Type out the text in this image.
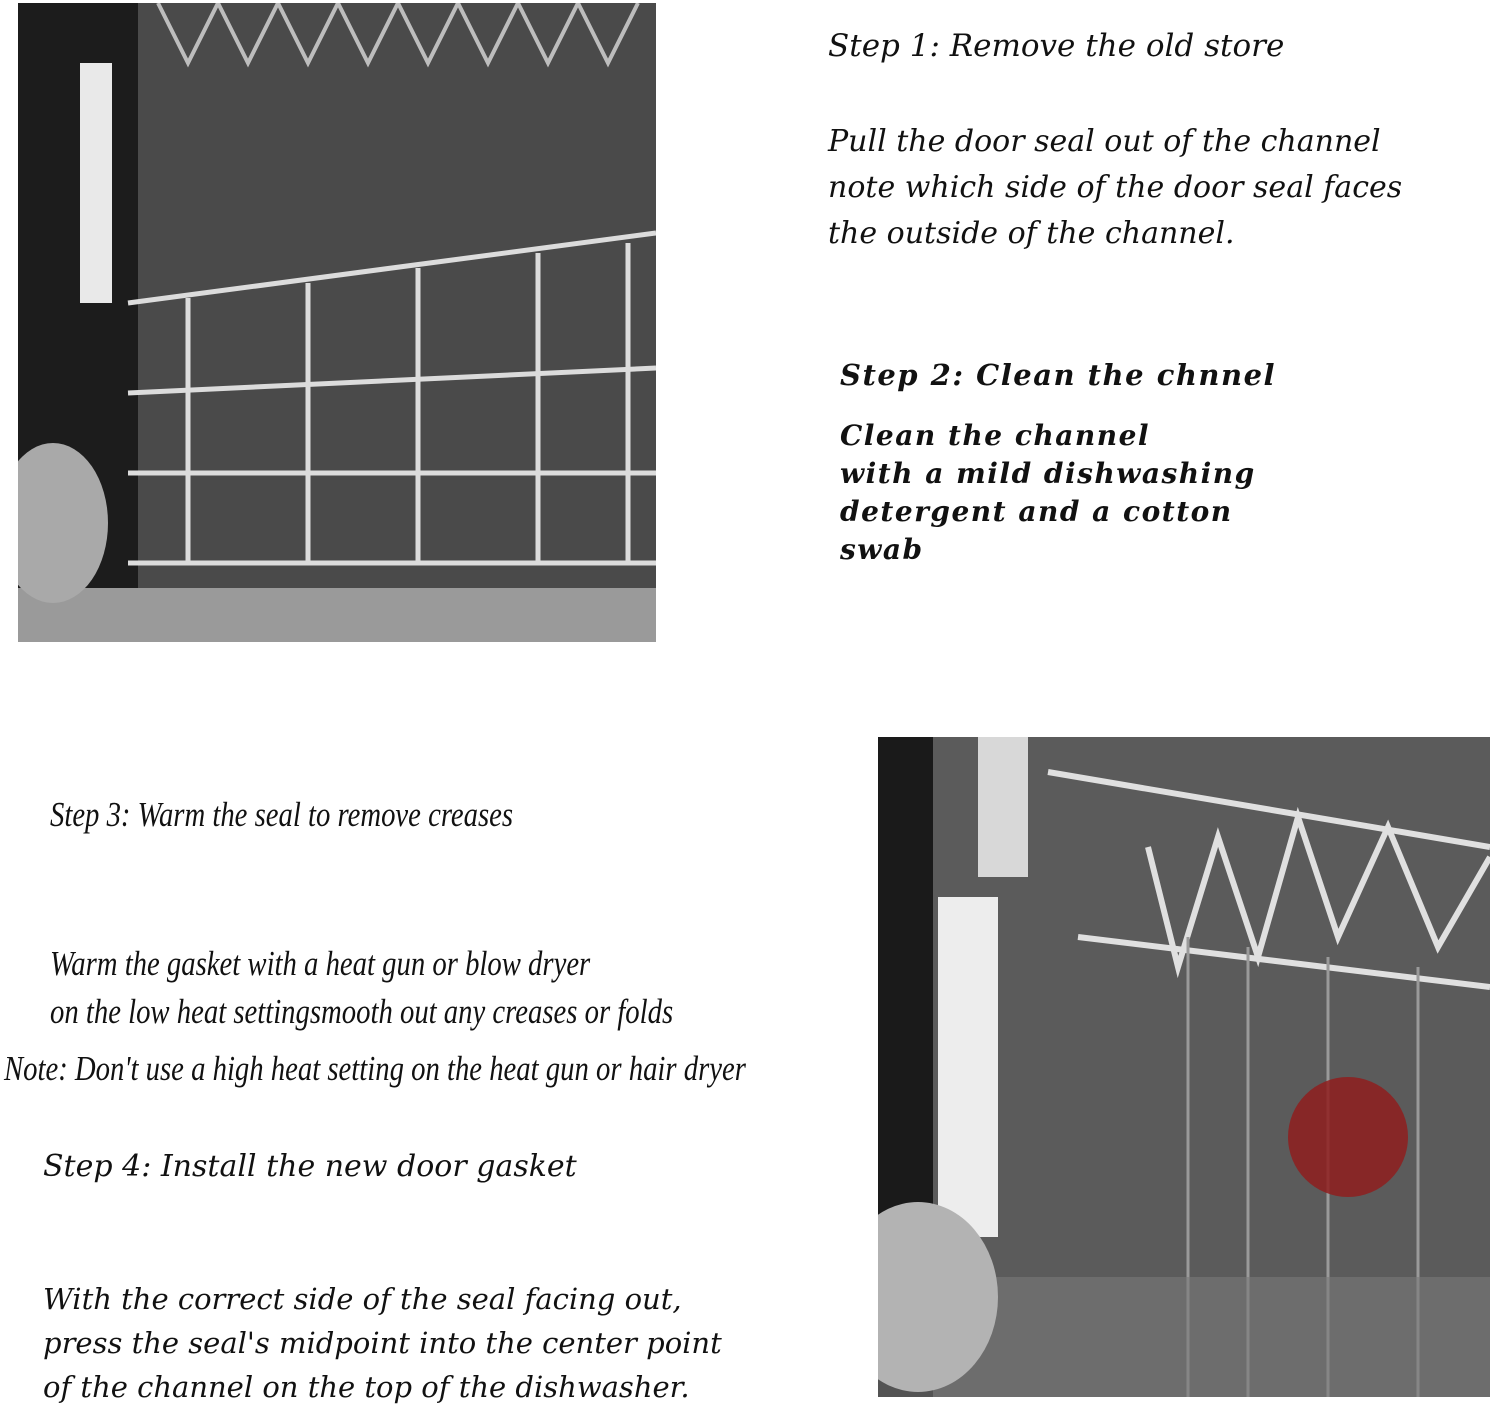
Step 1: Remove the old store
Pull the door seal out of the channel
note which side of the door seal faces
the outside of the channel.
Step 2: Clean the chnnel
Clean the channel
with a mild dishwashing
detergent and a cotton
swab
Step 3: Warm the seal to remove creases
Warm the gasket with a heat gun or blow dryer
on the low heat settingsmooth out any creases or folds
Note: Don't use a high heat setting on the heat gun or hair dryer
Step 4: Install the new door gasket
With the correct side of the seal facing out,
press the seal's midpoint into the center point
of the channel on the top of the dishwasher.
